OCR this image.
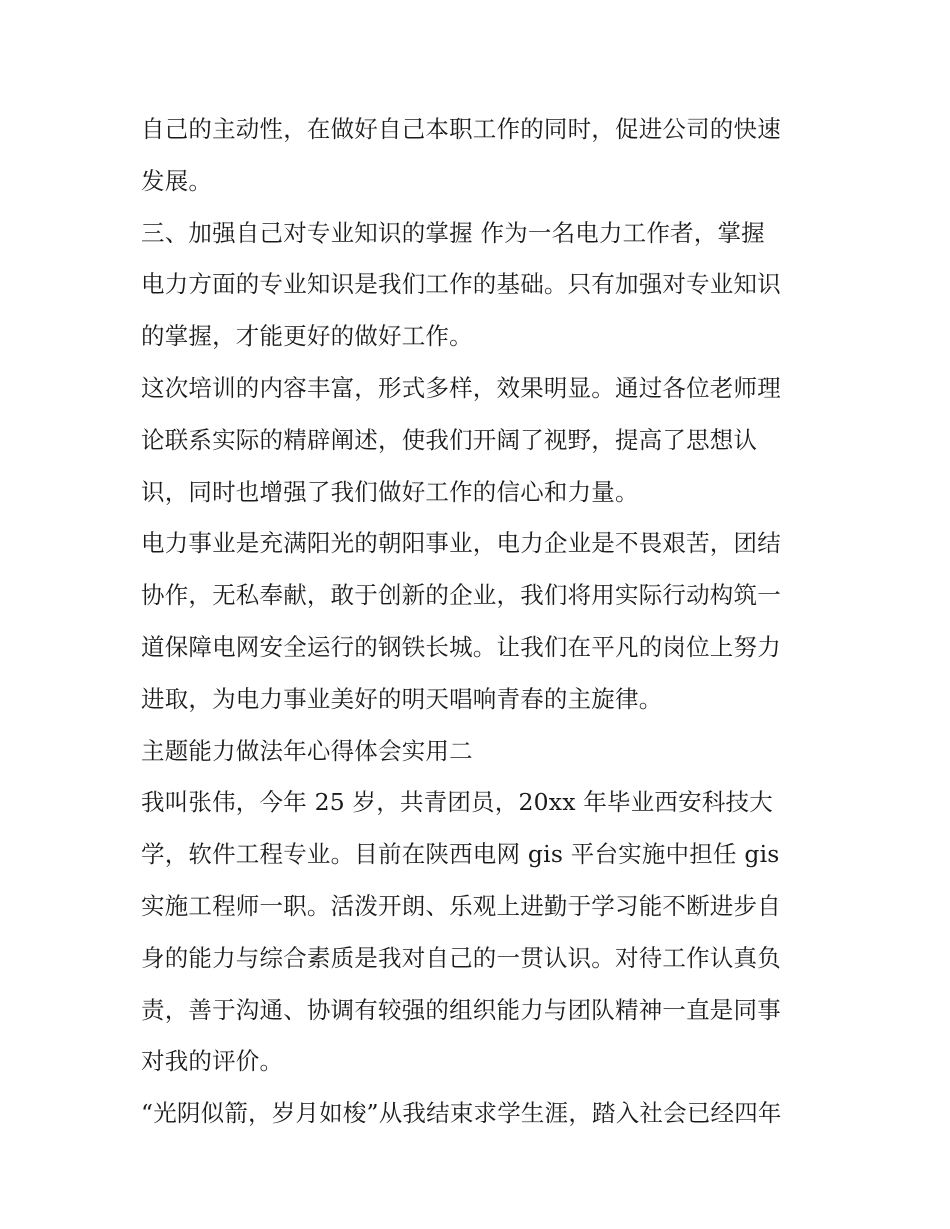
自己的主动性，在做好自己本职工作的同时，促进公司的快速
发展。
三、加强自己对专业知识的掌握 作为一名电力工作者，掌握
电力方面的专业知识是我们工作的基础。只有加强对专业知识
的掌握，才能更好的做好工作。
这次培训的内容丰富，形式多样，效果明显。通过各位老师理
论联系实际的精辟阐述，使我们开阔了视野，提高了思想认
识，同时也增强了我们做好工作的信心和力量。
电力事业是充满阳光的朝阳事业，电力企业是不畏艰苦，团结
协作，无私奉献，敢于创新的企业，我们将用实际行动构筑一
道保障电网安全运行的钢铁长城。让我们在平凡的岗位上努力
进取，为电力事业美好的明天唱响青春的主旋律。
主题能力做法年心得体会实用二
我叫张伟，今年 25 岁，共青团员，20xx 年毕业西安科技大
学，软件工程专业。目前在陕西电网 gis 平台实施中担任 gis
实施工程师一职。活泼开朗、乐观上进勤于学习能不断进步自
身的能力与综合素质是我对自己的一贯认识。对待工作认真负
责，善于沟通、协调有较强的组织能力与团队精神一直是同事
对我的评价。
“光阴似箭，岁月如梭”从我结束求学生涯，踏入社会已经四年
